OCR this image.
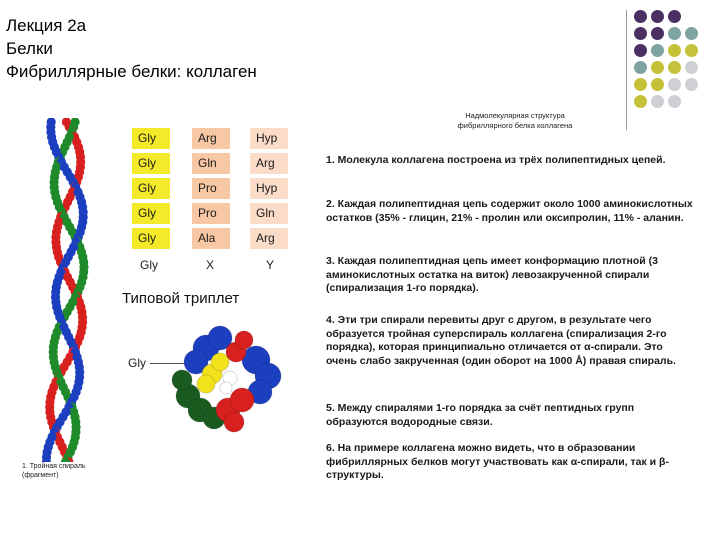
Лекция 2а
Белки
Фибриллярные белки: коллаген
1. Тройная спираль
(фрагмент)
Gly
Gly
Gly
Gly
Gly
Arg
Gln
Pro
Pro
Ala
Hyp
Arg
Hyp
Gln
Arg
Gly	X	Y
Типовой триплет
Gly
Надмолекулярная структура
фибриллярного белка коллагена
1. Молекула коллагена построена из трёх полипептидных цепей.
2. Каждая полипептидная цепь содержит около 1000 аминокислотных остатков (35% - глицин, 21% - пролин или оксипролин, 11% - аланин.
3. Каждая полипептидная цепь имеет конформацию плотной (3 аминокислотных остатка на виток) левозакрученной спирали (спирализация 1-го порядка).
4. Эти три спирали перевиты друг с другом, в результате чего образуется тройная суперспираль коллагена (спирализация 2-го порядка), которая принципиально отличается от α-спирали. Это очень слабо закрученная (один оборот на 1000 Å) правая спираль.
5. Между спиралями 1-го порядка за счёт пептидных групп образуются водородные связи.
6. На примере коллагена можно видеть, что в образовании фибриллярных белков могут участвовать как α-спирали, так и β-структуры.
